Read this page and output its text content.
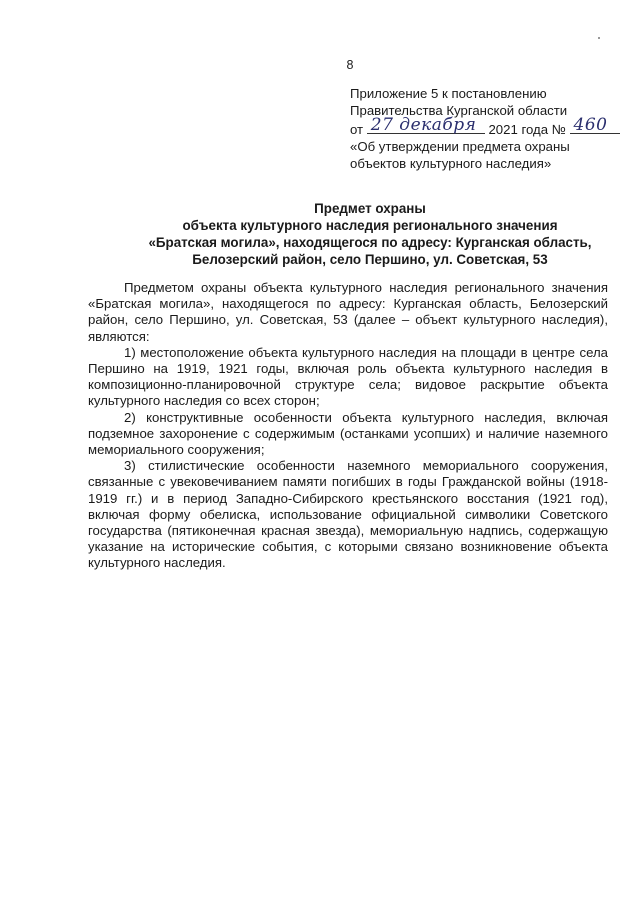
8
Приложение 5 к постановлению
Правительства Курганской области
от 27 декабря 2021 года № 460
«Об утверждении предмета охраны
объектов культурного наследия»
Предмет охраны
объекта культурного наследия регионального значения
«Братская могила», находящегося по адресу: Курганская область,
Белозерский район, село Першино, ул. Советская, 53

Предметом охраны объекта культурного наследия регионального значения «Братская могила», находящегося по адресу: Курганская область, Белозерский район, село Першино, ул. Советская, 53 (далее – объект культурного наследия), являются:

1) местоположение объекта культурного наследия на площади в центре села Першино на 1919, 1921 годы, включая роль объекта культурного наследия в композиционно-планировочной структуре села; видовое раскрытие объекта культурного наследия со всех сторон;

2) конструктивные особенности объекта культурного наследия, включая подземное захоронение с содержимым (останками усопших) и наличие наземного мемориального сооружения;

3) стилистические особенности наземного мемориального сооружения, связанные с увековечиванием памяти погибших в годы Гражданской войны (1918-1919 гг.) и в период Западно-Сибирского крестьянского восстания (1921 год), включая форму обелиска, использование официальной символики Советского государства (пятиконечная красная звезда), мемориальную надпись, содержащую указание на исторические события, с которыми связано возникновение объекта культурного наследия.
